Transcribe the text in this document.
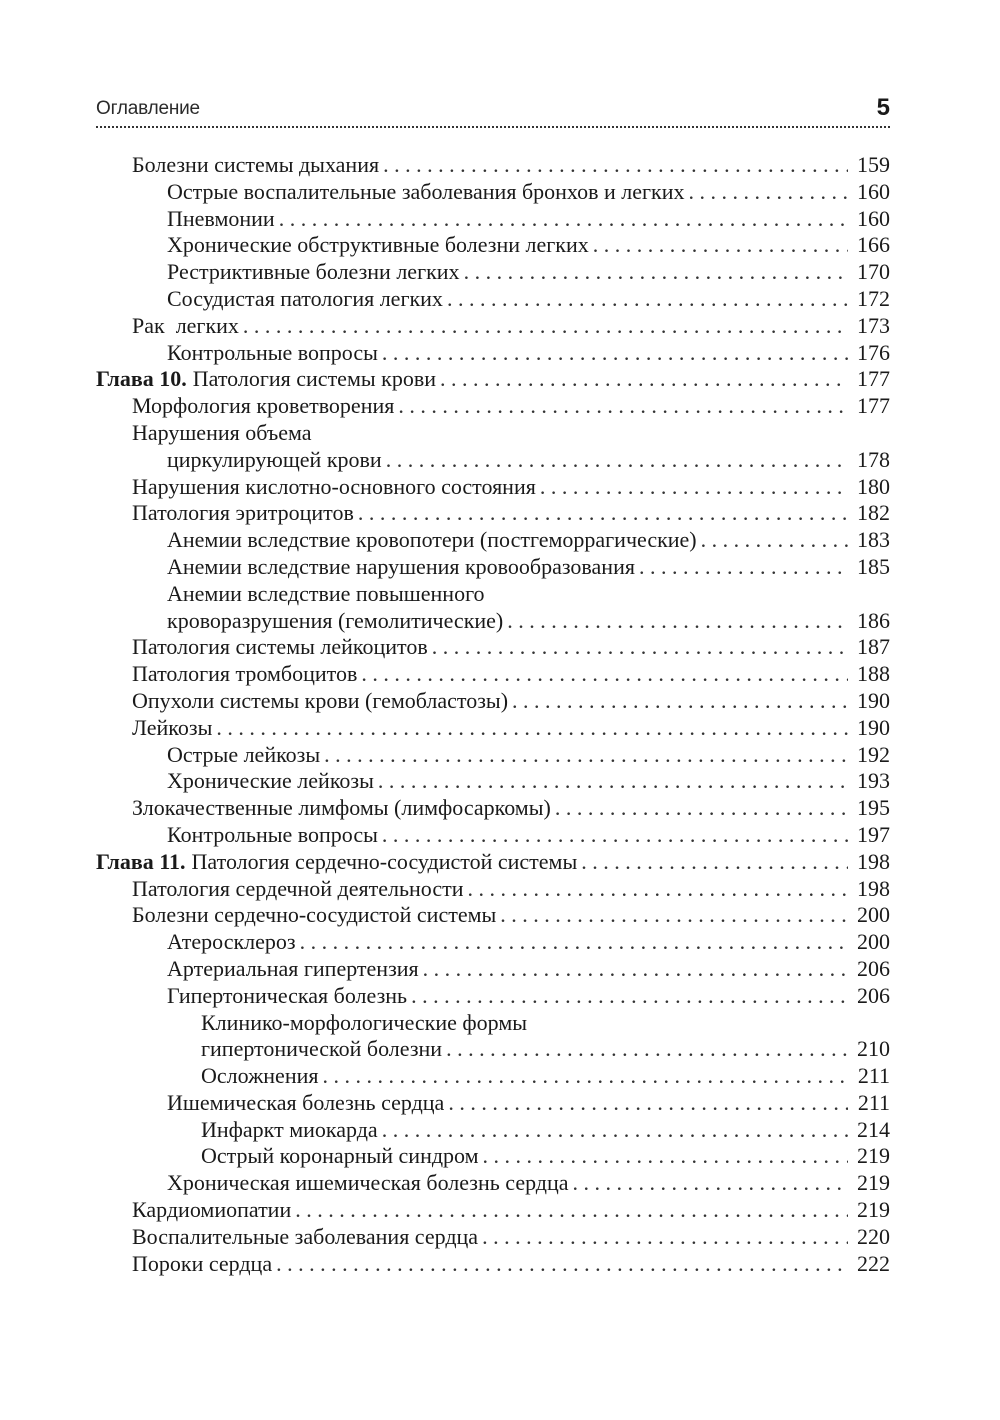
Оглавление	5
Болезни системы дыхания . . .	159
Острые воспалительные заболевания бронхов и легких . . .	160
Пневмонии . . .	160
Хронические обструктивные болезни легких . . .	166
Рестриктивные болезни легких . . .	170
Сосудистая патология легких . . .	172
Рак  легких . . .	173
Контрольные вопросы . . .	176
Глава 10. Патология системы крови . . .	177
Морфология кроветворения . . .	177
Нарушения объема
циркулирующей крови . . .	178
Нарушения кислотно-основного состояния . . .	180
Патология эритроцитов . . .	182
Анемии вследствие кровопотери (постгеморрагические) . . .	183
Анемии вследствие нарушения кровообразования . . .	185
Анемии вследствие повышенного
кроворазрушения (гемолитические) . . .	186
Патология системы лейкоцитов . . .	187
Патология тромбоцитов . . .	188
Опухоли системы крови (гемобластозы) . . .	190
Лейкозы . . .	190
Острые лейкозы . . .	192
Хронические лейкозы . . .	193
Злокачественные лимфомы (лимфосаркомы) . . .	195
Контрольные вопросы . . .	197
Глава 11. Патология сердечно-сосудистой системы . . .	198
Патология сердечной деятельности . . .	198
Болезни сердечно-сосудистой системы . . .	200
Атеросклероз . . .	200
Артериальная гипертензия . . .	206
Гипертоническая болезнь . . .	206
Клинико-морфологические формы
гипертонической болезни . . .	210
Осложнения . . .	211
Ишемическая болезнь сердца . . .	211
Инфаркт миокарда . . .	214
Острый коронарный синдром . . .	219
Хроническая ишемическая болезнь сердца . . .	219
Кардиомиопатии . . .	219
Воспалительные заболевания сердца . . .	220
Пороки сердца . . .	222
